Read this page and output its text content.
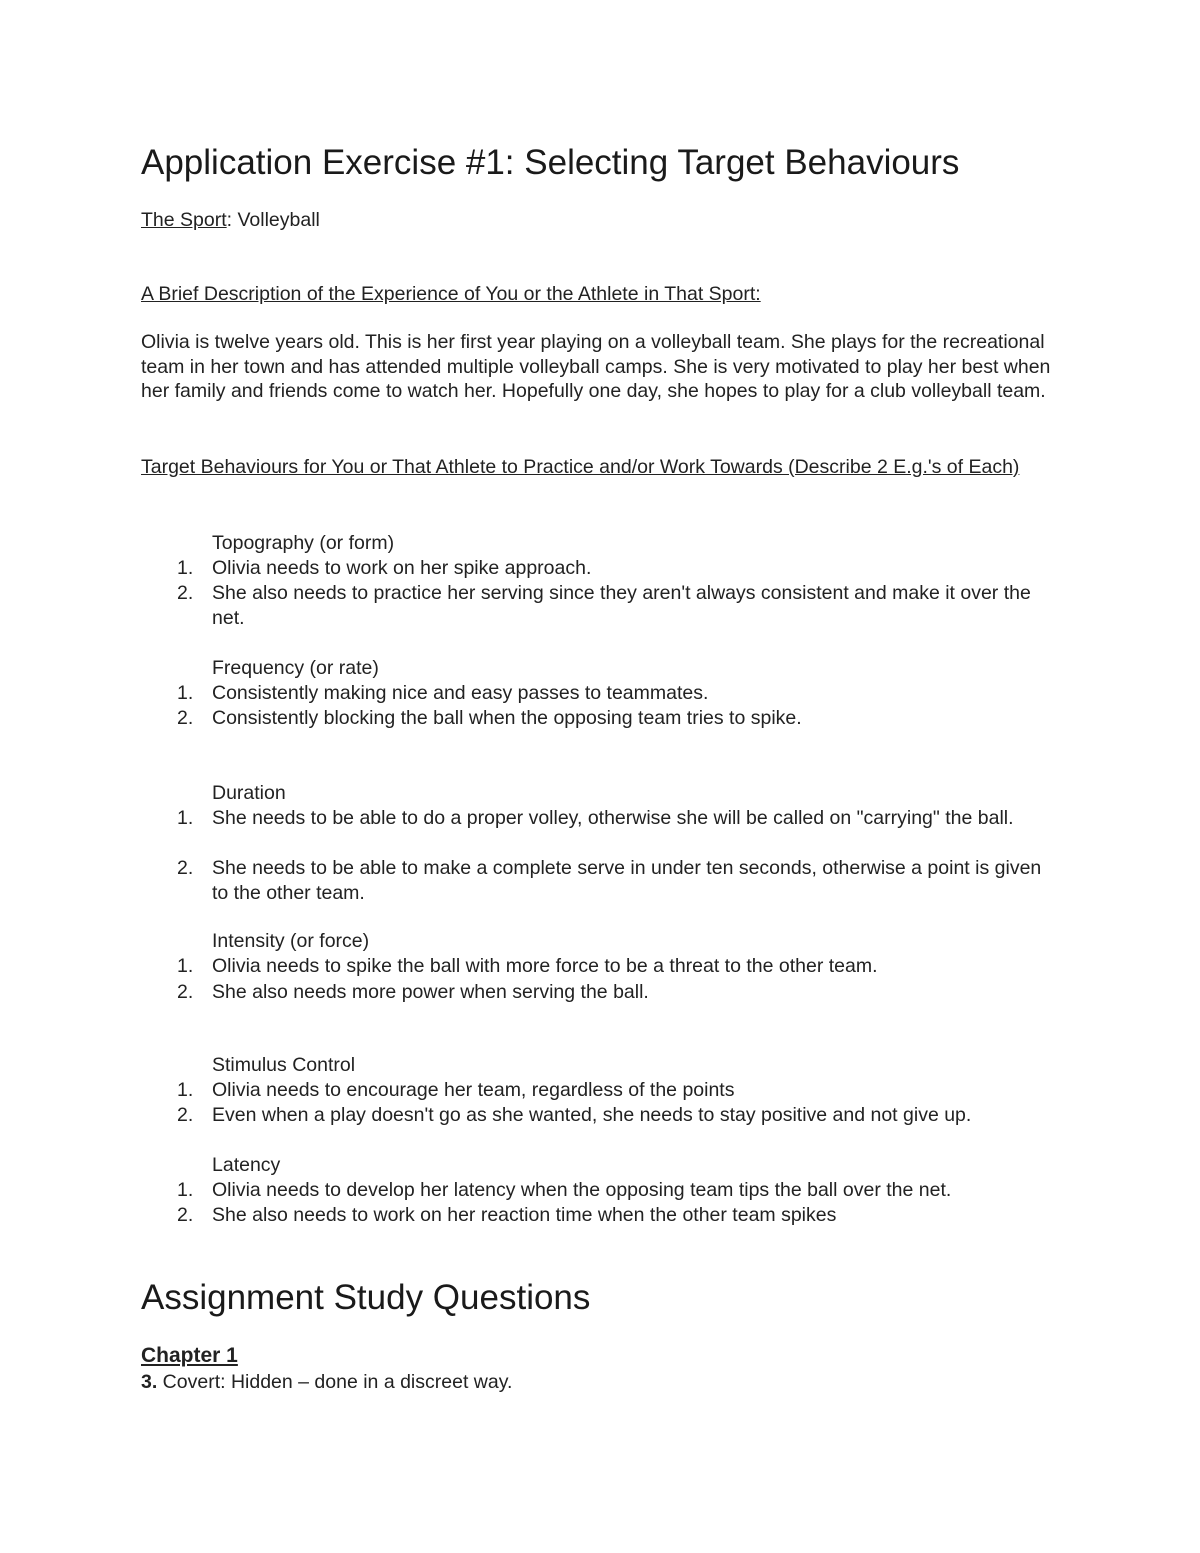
Application Exercise #1: Selecting Target Behaviours
The Sport: Volleyball
A Brief Description of the Experience of You or the Athlete in That Sport:

Olivia is twelve years old. This is her first year playing on a volleyball team. She plays for the recreational team in her town and has attended multiple volleyball camps. She is very motivated to play her best when her family and friends come to watch her. Hopefully one day, she hopes to play for a club volleyball team.

Target Behaviours for You or That Athlete to Practice and/or Work Towards (Describe 2 E.g.'s of Each)

Topography (or form)
1. Olivia needs to work on her spike approach.
2. She also needs to practice her serving since they aren't always consistent and make it over the net.
Frequency (or rate)
1. Consistently making nice and easy passes to teammates.
2. Consistently blocking the ball when the opposing team tries to spike.
Duration
1. She needs to be able to do a proper volley, otherwise she will be called on "carrying" the ball.
2. She needs to be able to make a complete serve in under ten seconds, otherwise a point is given to the other team.
Intensity (or force)
1. Olivia needs to spike the ball with more force to be a threat to the other team.
2. She also needs more power when serving the ball.
Stimulus Control
1. Olivia needs to encourage her team, regardless of the points
2. Even when a play doesn't go as she wanted, she needs to stay positive and not give up.
Latency
1. Olivia needs to develop her latency when the opposing team tips the ball over the net.
2. She also needs to work on her reaction time when the other team spikes
Assignment Study Questions
Chapter 1
3. Covert: Hidden – done in a discreet way.
